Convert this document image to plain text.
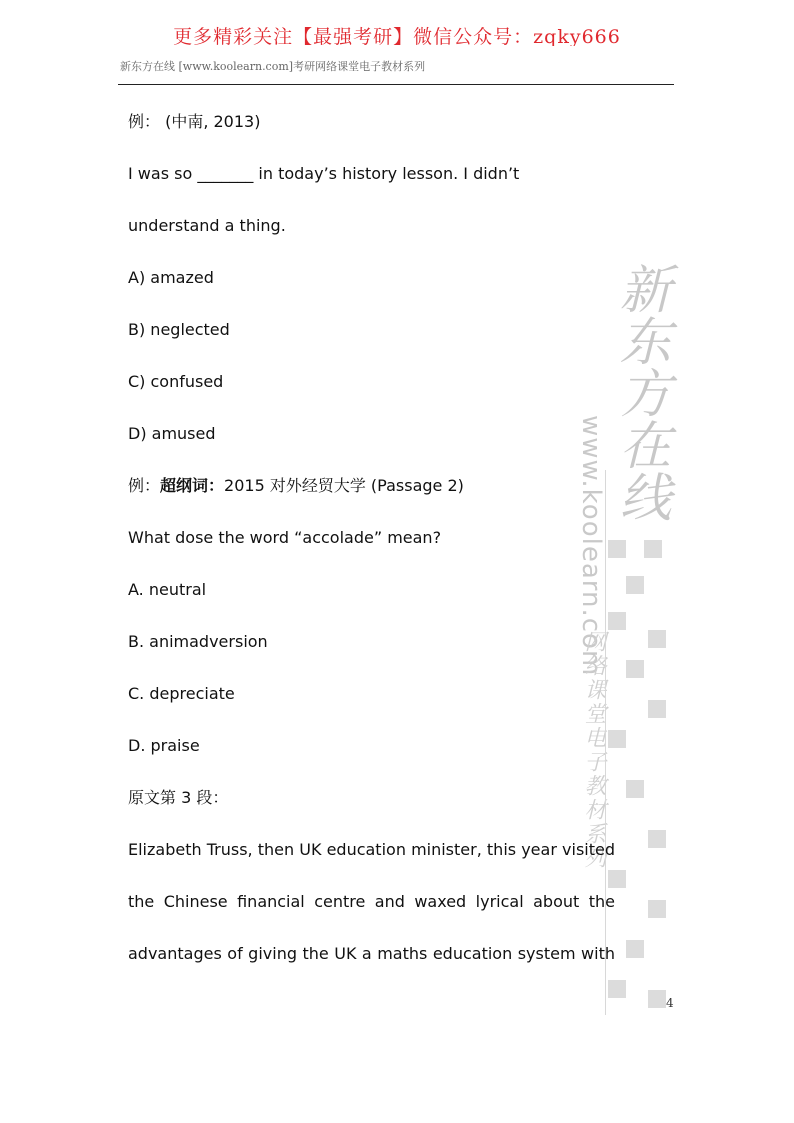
更多精彩关注【最强考研】微信公众号：zqky666
新东方在线 [www.koolearn.com]考研网络课堂电子教材系列
新东方在线
www.koolearn.com
网络课堂电子教材系列
例： (中南, 2013)
I was so _______ in today’s history lesson. I didn’t
understand a thing.
A) amazed
B) neglected
C) confused
D) amused
例：超纲词：2015 对外经贸大学 (Passage 2)
What dose the word “accolade” mean?
A. neutral
B. animadversion
C. depreciate
D. praise
原文第 3 段：
Elizabeth Truss, then UK education minister, this year visited
the Chinese financial centre and waxed lyrical about the
advantages of giving the UK a maths education system with
4
